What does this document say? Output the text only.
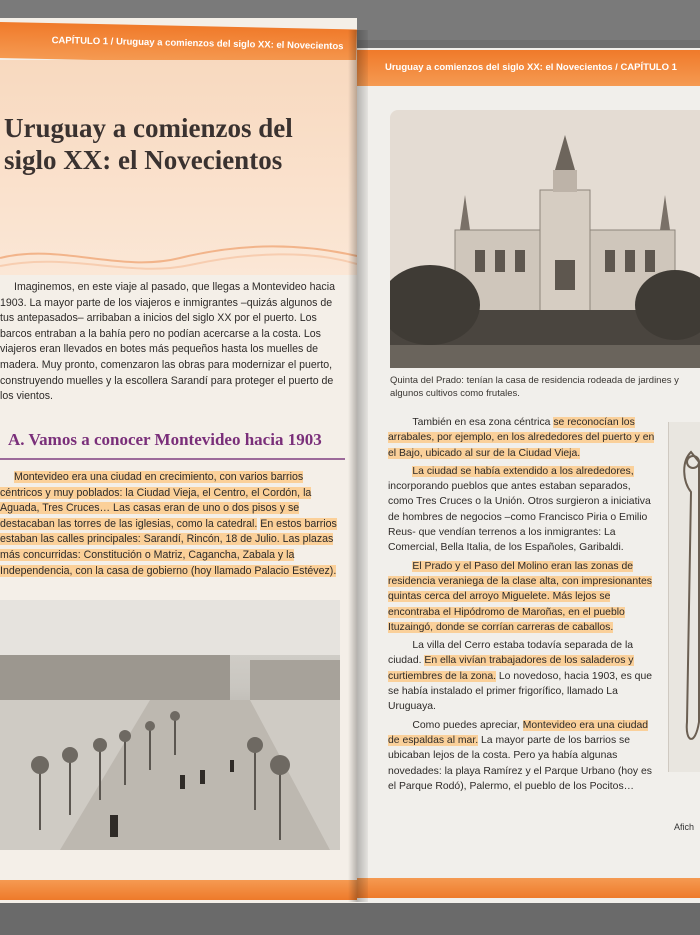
CAPÍTULO 1 / Uruguay a comienzos del siglo XX: el Novecientos
Uruguay a comienzos del
siglo XX: el Novecientos

Imaginemos, en este viaje al pasado, que llegas a Montevideo hacia 1903. La mayor parte de los viajeros e inmigrantes –quizás algunos de tus antepasados– arribaban a inicios del siglo XX por el puerto. Los barcos entraban a la bahía pero no podían acercarse a la costa. Los viajeros eran llevados en botes más pequeños hasta los muelles de madera. Muy pronto, comenzaron las obras para modernizar el puerto, construyendo muelles y la escollera Sarandí para proteger el puerto de los vientos.

A. Vamos a conocer Montevideo hacia 1903

Montevideo era una ciudad en crecimiento, con varios barrios céntricos y muy poblados: la Ciudad Vieja, el Centro, el Cordón, la Aguada, Tres Cruces… Las casas eran de uno o dos pisos y se destacaban las torres de las iglesias, como la catedral. En estos barrios estaban las calles principales: Sarandí, Rincón, 18 de Julio. Las plazas más concurridas: Constitución o Matriz, Cagancha, Zabala y la Independencia, con la casa de gobierno (hoy llamado Palacio Estévez).

Uruguay a comienzos del siglo XX: el Novecientos / CAPÍTULO 1
Quinta del Prado: tenían la casa de residencia rodeada de jardines y algunos cultivos como frutales.

 También en esa zona céntrica se reconocían los arrabales, por ejemplo, en los alrededores del puerto y en el Bajo, ubicado al sur de la Ciudad Vieja.

 La ciudad se había extendido a los alrededores, incorporando pueblos que antes estaban separados, como Tres Cruces o la Unión. Otros surgieron a iniciativa de hombres de negocios –como Francisco Piria o Emilio Reus- que vendían terrenos a los inmigrantes: La Comercial, Bella Italia, de los Españoles, Garibaldi.

 El Prado y el Paso del Molino eran las zonas de residencia veraniega de la clase alta, con impresionantes quintas cerca del arroyo Miguelete. Más lejos se encontraba el Hipódromo de Maroñas, en el pueblo Ituzaingó, donde se corrían carreras de caballos.

 La villa del Cerro estaba todavía separada de la ciudad. En ella vivían trabajadores de los saladeros y curtiembres de la zona. Lo novedoso, hacia 1903, es que se había instalado el primer frigorífico, llamado La Uruguaya.

 Como puedes apreciar, Montevideo era una ciudad de espaldas al mar. La mayor parte de los barrios se ubicaban lejos de la costa. Pero ya había algunas novedades: la playa Ramírez y el Parque Urbano (hoy es el Parque Rodó), Palermo, el pueblo de los Pocitos…

Afich
